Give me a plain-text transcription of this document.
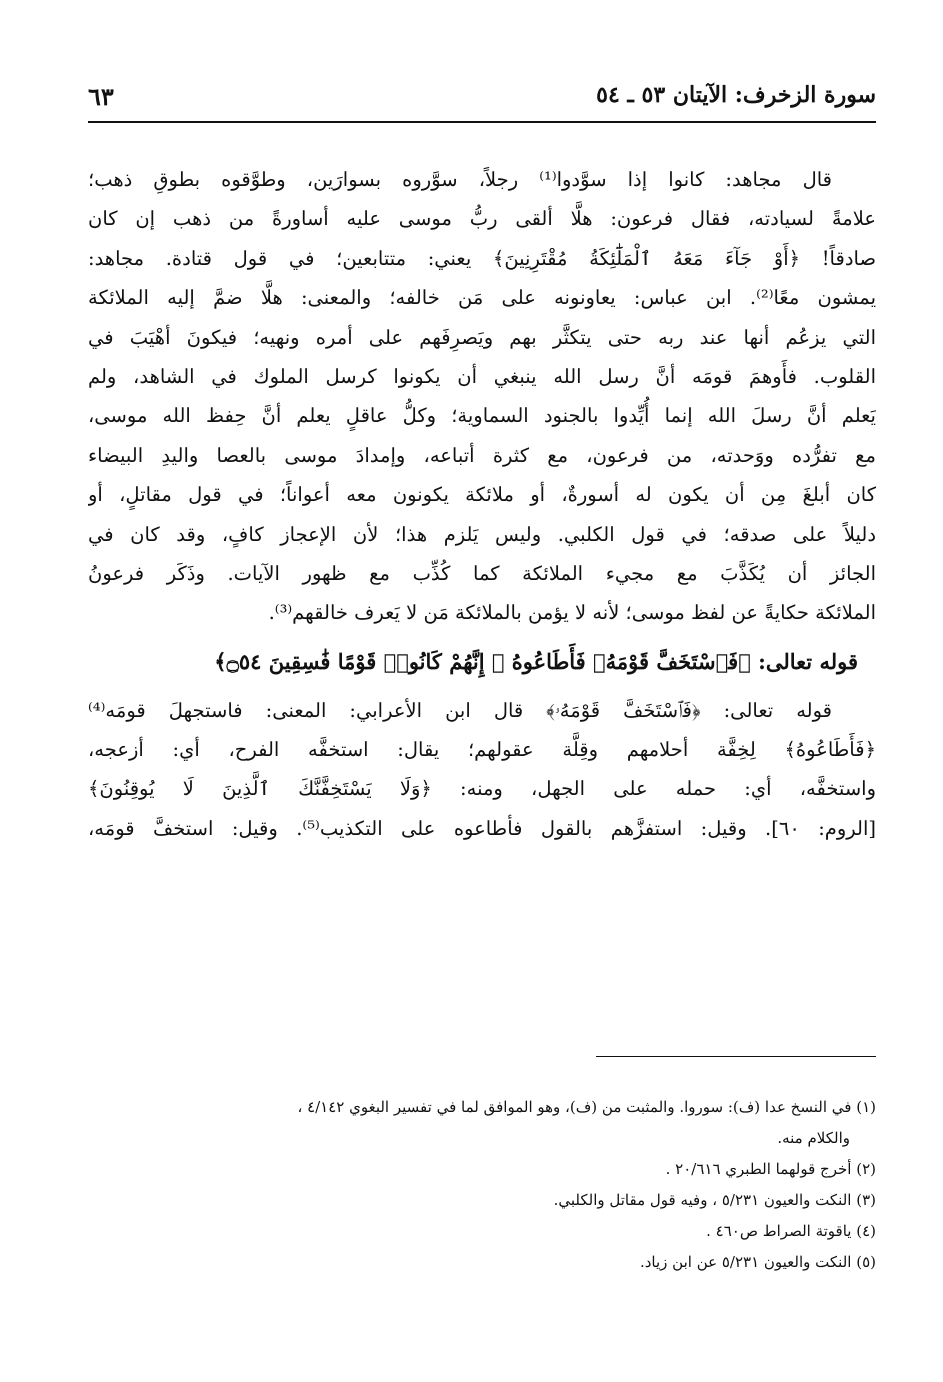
سورة الزخرف: الآيتان ٥٣ ـ ٥٤
٦٣
قال مجاهد: كانوا إذا سوَّدوا⁽¹⁾ رجلاً، سوَّروه بسوارَين، وطوَّقوه بطوقِ ذهب؛
علامةً لسيادته، فقال فرعون: هلَّا ألقى ربُّ موسى عليه أساورةً من ذهب إن كان
صادقاً! ﴿أَوْ جَآءَ مَعَهُ ٱلْمَلَٰٓئِكَةُ مُقْتَرِنِينَ﴾ يعني: متتابعين؛ في قول قتادة. مجاهد:
يمشون معًا⁽²⁾. ابن عباس: يعاونونه على مَن خالفه؛ والمعنى: هلَّا ضمَّ إليه الملائكة
التي يزعُم أنها عند ربه حتى يتكثَّر بهم ويَصرِفَهم على أمره ونهيه؛ فيكونَ أهْيَبَ في
القلوب. فأَوهمَ قومَه أنَّ رسل الله ينبغي أن يكونوا كرسل الملوك في الشاهد، ولم
يَعلم أنَّ رسلَ الله إنما أُيِّدوا بالجنود السماوية؛ وكلُّ عاقلٍ يعلم أنَّ حِفظ الله موسى،
مع تفرُّده ووَحدته، من فرعون، مع كثرة أتباعه، وإمدادَ موسى بالعصا واليدِ البيضاء
كان أبلغَ مِن أن يكون له أسورةٌ، أو ملائكة يكونون معه أعواناً؛ في قول مقاتلٍ، أو
دليلاً على صدقه؛ في قول الكلبي. وليس يَلزم هذا؛ لأن الإعجاز كافٍ، وقد كان في
الجائز أن يُكَذَّبَ مع مجيء الملائكة كما كُذِّب مع ظهور الآيات. وذَكَر فرعونُ
الملائكة حكايةً عن لفظ موسى؛ لأنه لا يؤمن بالملائكة مَن لا يَعرف خالقهم⁽³⁾.
قوله تعالى: ﴿فَٱسْتَخَفَّ قَوْمَهُۥ فَأَطَاعُوهُ ۚ إِنَّهُمْ كَانُوا۟ قَوْمًا فَٰسِقِينَ ۝٥٤﴾
قوله تعالى: ﴿فَٱسْتَخَفَّ قَوْمَهُۥ﴾ قال ابن الأعرابي: المعنى: فاستجهلَ قومَه⁽⁴⁾
﴿فَأَطَاعُوهُ﴾ لِخِفَّة أحلامهم وقِلَّة عقولهم؛ يقال: استخفَّه الفرح، أي: أزعجه،
واستخفَّه، أي: حمله على الجهل، ومنه: ﴿وَلَا يَسْتَخِفَّنَّكَ ٱلَّذِينَ لَا يُوقِنُونَ﴾
[الروم: ٦٠]. وقيل: استفزَّهم بالقول فأطاعوه على التكذيب⁽⁵⁾. وقيل: استخفَّ قومَه،
(١) في النسخ عدا (ف): سوروا. والمثبت من (ف)، وهو الموافق لما في تفسير البغوي ٤/١٤٢ ،
والكلام منه.
(٢) أخرج قولهما الطبري ٢٠/٦١٦ .
(٣) النكت والعيون ٥/٢٣١ ، وفيه قول مقاتل والكلبي.
(٤) ياقوتة الصراط ص٤٦٠ .
(٥) النكت والعيون ٥/٢٣١ عن ابن زياد.
